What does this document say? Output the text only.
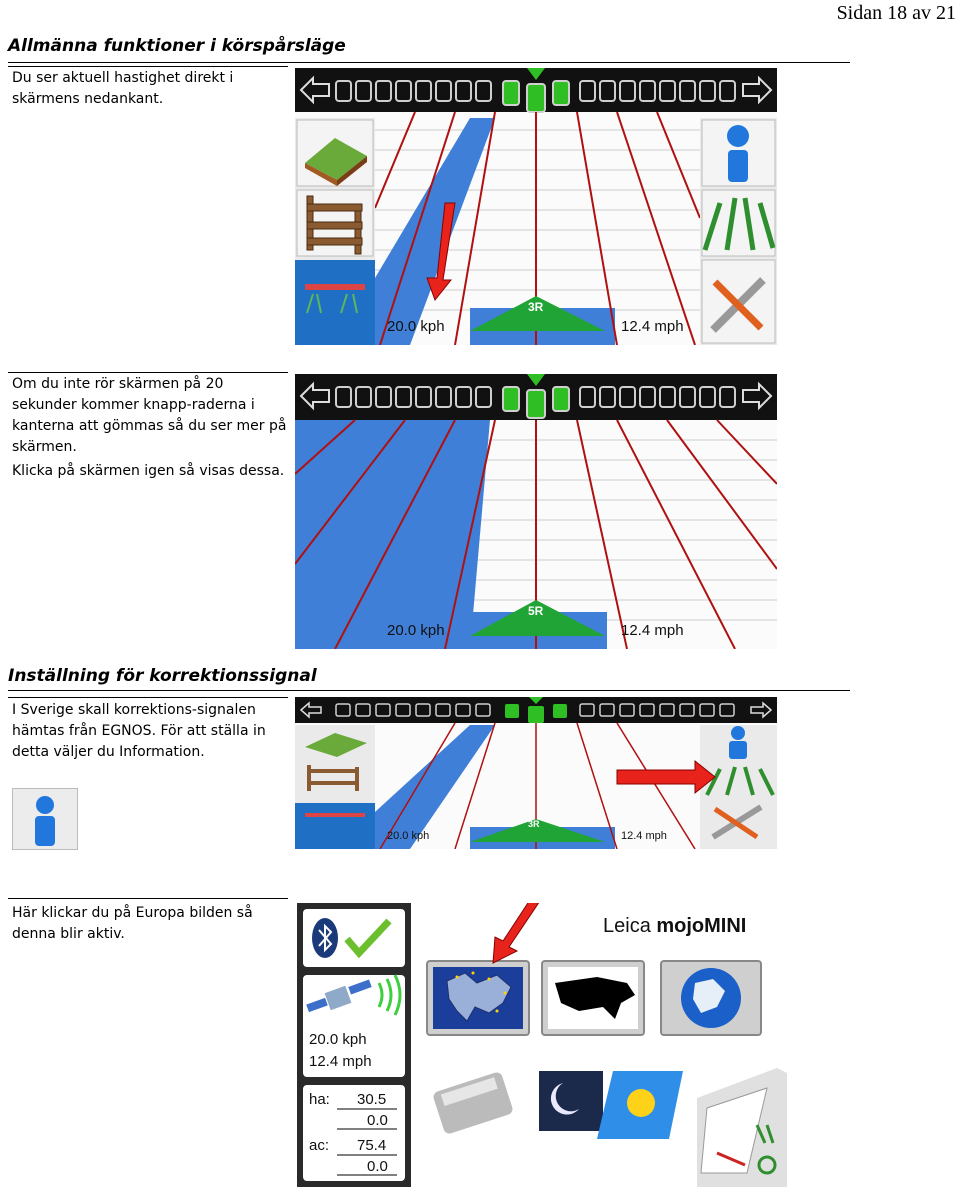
Sidan 18 av 21
Allmänna funktioner i körspårsläge

Du ser aktuell hastighet direkt i skärmens nedankant.

20.0 kph	12.4 mph
3R

Om du inte rör skärmen på 20 sekunder kommer knapp-raderna i kanterna att gömmas så du ser mer på skärmen.

Klicka på skärmen igen så visas dessa.

20.0 kph	12.4 mph
5R
Inställning för korrektionssignal

I Sverige skall korrektions-signalen hämtas från EGNOS. För att ställa in detta väljer du Information.

20.0 kph	12.4 mph
3R

Här klickar du på Europa bilden så denna blir aktiv.	Leica mojoMINI
20.0 kph
12.4 mph
ha: 30.5
0.0
ac: 75.4
0.0
